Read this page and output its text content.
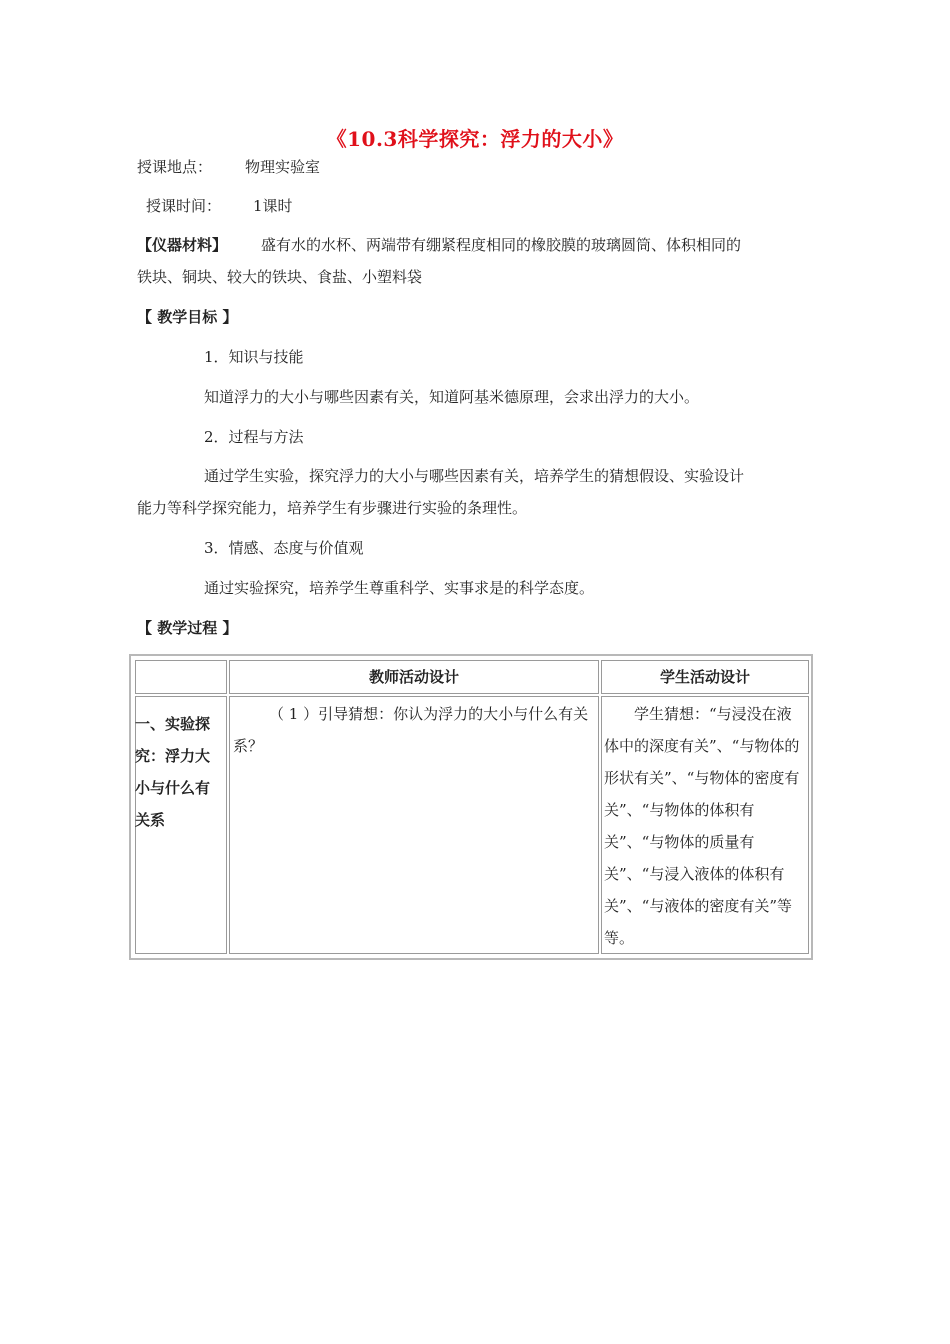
《10.3科学探究：浮力的大小》
授课地点： 物理实验室
授课时间： 1课时
【仪器材料】 盛有水的水杯、两端带有绷紧程度相同的橡胶膜的玻璃圆筒、体积相同的
铁块、铜块、较大的铁块、食盐、小塑料袋
【 教学目标 】
1．知识与技能
知道浮力的大小与哪些因素有关，知道阿基米德原理，会求出浮力的大小。
2．过程与方法
通过学生实验，探究浮力的大小与哪些因素有关，培养学生的猜想假设、实验设计
能力等科学探究能力，培养学生有步骤进行实验的条理性。
3．情感、态度与价值观
通过实验探究，培养学生尊重科学、实事求是的科学态度。
【 教学过程 】
教师活动设计	学生活动设计
一、实验探究：浮力大小与什么有关系
（ 1 ）引导猜想：你认为浮力的大小与什么有关系？
学生猜想：“与浸没在液体中的深度有关”、“与物体的形状有关”、“与物体的密度有关”、“与物体的体积有关”、“与物体的质量有关”、“与浸入液体的体积有关”、“与液体的密度有关”等等。
